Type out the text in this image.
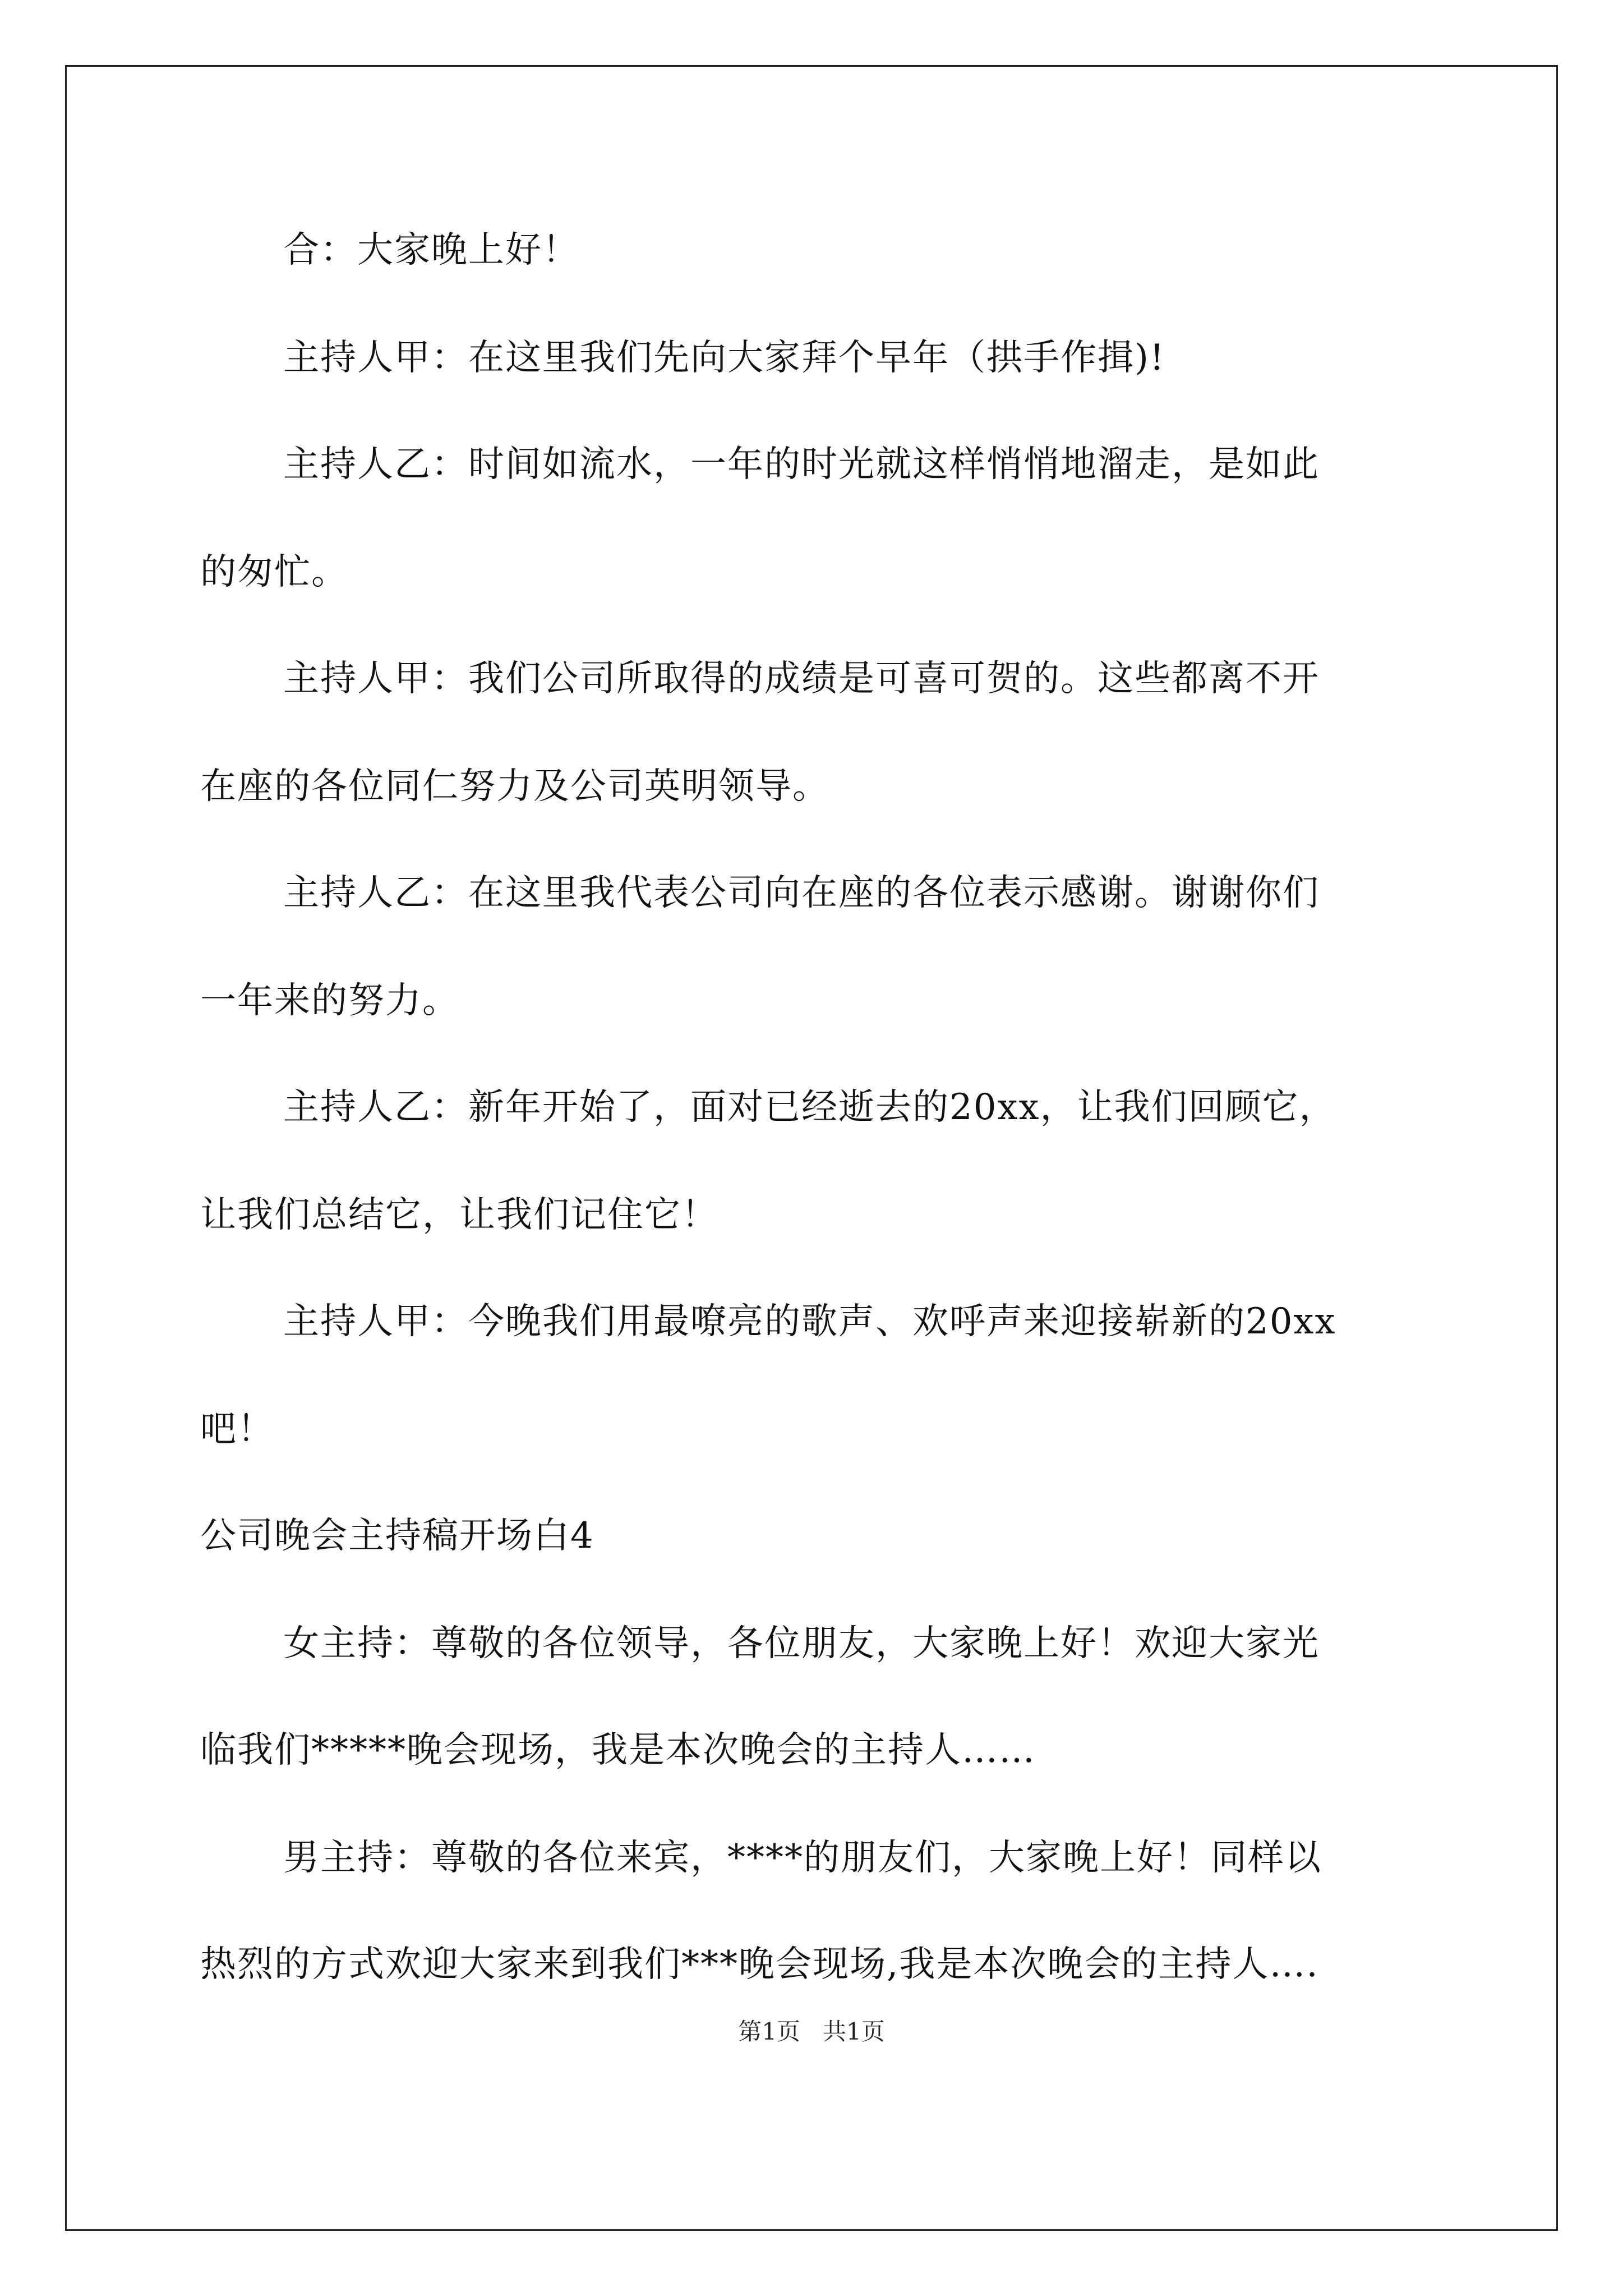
合：大家晚上好！
主持人甲：在这里我们先向大家拜个早年（拱手作揖)!
主持人乙：时间如流水，一年的时光就这样悄悄地溜走，是如此
的匆忙。
主持人甲：我们公司所取得的成绩是可喜可贺的。这些都离不开
在座的各位同仁努力及公司英明领导。
主持人乙：在这里我代表公司向在座的各位表示感谢。谢谢你们
一年来的努力。
主持人乙：新年开始了，面对已经逝去的20xx，让我们回顾它，
让我们总结它，让我们记住它！
主持人甲：今晚我们用最嘹亮的歌声、欢呼声来迎接崭新的20xx
吧！
公司晚会主持稿开场白4
女主持：尊敬的各位领导，各位朋友，大家晚上好！欢迎大家光
临我们*****晚会现场，我是本次晚会的主持人……
男主持：尊敬的各位来宾，****的朋友们，大家晚上好！同样以
热烈的方式欢迎大家来到我们***晚会现场,我是本次晚会的主持人….
第1页   共1页
